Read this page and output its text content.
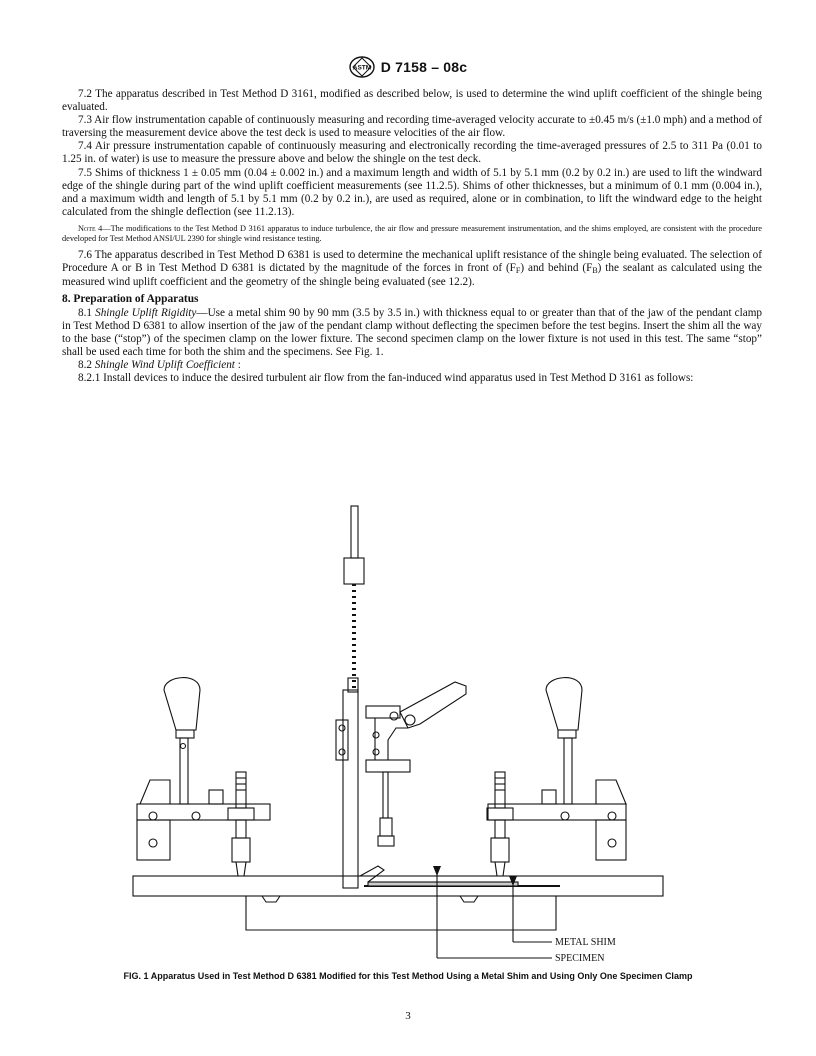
ASTM D 7158 – 08c

7.2 The apparatus described in Test Method D 3161, modified as described below, is used to determine the wind uplift coefficient of the shingle being evaluated.

7.3 Air flow instrumentation capable of continuously measuring and recording time-averaged velocity accurate to ±0.45 m/s (±1.0 mph) and a method of traversing the measurement device above the test deck is used to measure velocities of the air flow.

7.4 Air pressure instrumentation capable of continuously measuring and electronically recording the time-averaged pressures of 2.5 to 311 Pa (0.01 to 1.25 in. of water) is use to measure the pressure above and below the shingle on the test deck.

7.5 Shims of thickness 1 ± 0.05 mm (0.04 ± 0.002 in.) and a maximum length and width of 5.1 by 5.1 mm (0.2 by 0.2 in.) are used to lift the windward edge of the shingle during part of the wind uplift coefficient measurements (see 11.2.5). Shims of other thicknesses, but a minimum of 0.1 mm (0.004 in.), and a maximum width and length of 5.1 by 5.1 mm (0.2 by 0.2 in.), are used as required, alone or in combination, to lift the windward edge to the height calculated from the shingle deflection (see 11.2.13).

Note 4—The modifications to the Test Method D 3161 apparatus to induce turbulence, the air flow and pressure measurement instrumentation, and the shims employed, are consistent with the procedure developed for Test Method ANSI/UL 2390 for shingle wind resistance testing.

7.6 The apparatus described in Test Method D 6381 is used to determine the mechanical uplift resistance of the shingle being evaluated. The selection of Procedure A or B in Test Method D 6381 is dictated by the magnitude of the forces in front of $(F_F)$ and behind $(F_B)$ the sealant as calculated using the measured wind uplift coefficient and the geometry of the shingle being evaluated (see 12.2).

8. Preparation of Apparatus

8.1 Shingle Uplift Rigidity—Use a metal shim 90 by 90 mm (3.5 by 3.5 in.) with thickness equal to or greater than that of the jaw of the pendant clamp in Test Method D 6381 to allow insertion of the jaw of the pendant clamp without deflecting the specimen before the test begins. Insert the shim all the way to the base (“stop”) of the specimen clamp on the lower fixture. The second specimen clamp on the lower fixture is not used in this test. The same “stop” shall be used each time for both the shim and the specimens. See Fig. 1.

8.2 Shingle Wind Uplift Coefficient :

8.2.1 Install devices to induce the desired turbulent air flow from the fan-induced wind apparatus used in Test Method D 3161 as follows:

METAL SHIM
SPECIMEN
FIG. 1 Apparatus Used in Test Method D 6381 Modified for this Test Method Using a Metal Shim and Using Only One Specimen Clamp
3
